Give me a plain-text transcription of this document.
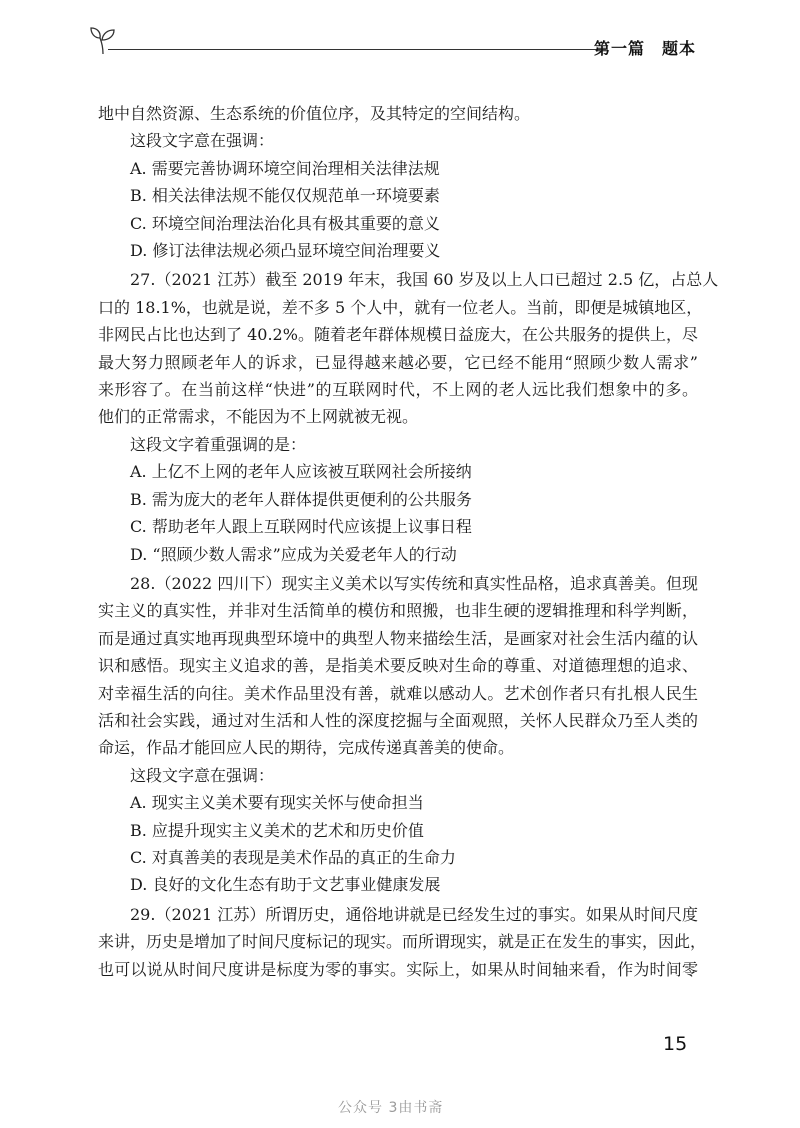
第一篇　题本

地中自然资源、生态系统的价值位序，及其特定的空间结构。

这段文字意在强调：

A. 需要完善协调环境空间治理相关法律法规

B. 相关法律法规不能仅仅规范单一环境要素

C. 环境空间治理法治化具有极其重要的意义

D. 修订法律法规必须凸显环境空间治理要义

27.（2021 江苏）截至 2019 年末，我国 60 岁及以上人口已超过 2.5 亿，占总人

口的 18.1%，也就是说，差不多 5 个人中，就有一位老人。当前，即便是城镇地区，

非网民占比也达到了 40.2%。随着老年群体规模日益庞大，在公共服务的提供上，尽

最大努力照顾老年人的诉求，已显得越来越必要，它已经不能用“照顾少数人需求”

来形容了。在当前这样“快进”的互联网时代，不上网的老人远比我们想象中的多。

他们的正常需求，不能因为不上网就被无视。

这段文字着重强调的是：

A. 上亿不上网的老年人应该被互联网社会所接纳

B. 需为庞大的老年人群体提供更便利的公共服务

C. 帮助老年人跟上互联网时代应该提上议事日程

D. “照顾少数人需求”应成为关爱老年人的行动

28.（2022 四川下）现实主义美术以写实传统和真实性品格，追求真善美。但现

实主义的真实性，并非对生活简单的模仿和照搬，也非生硬的逻辑推理和科学判断，

而是通过真实地再现典型环境中的典型人物来描绘生活，是画家对社会生活内蕴的认

识和感悟。现实主义追求的善，是指美术要反映对生命的尊重、对道德理想的追求、

对幸福生活的向往。美术作品里没有善，就难以感动人。艺术创作者只有扎根人民生

活和社会实践，通过对生活和人性的深度挖掘与全面观照，关怀人民群众乃至人类的

命运，作品才能回应人民的期待，完成传递真善美的使命。

这段文字意在强调：

A. 现实主义美术要有现实关怀与使命担当

B. 应提升现实主义美术的艺术和历史价值

C. 对真善美的表现是美术作品的真正的生命力

D. 良好的文化生态有助于文艺事业健康发展

29.（2021 江苏）所谓历史，通俗地讲就是已经发生过的事实。如果从时间尺度

来讲，历史是增加了时间尺度标记的现实。而所谓现实，就是正在发生的事实，因此，

也可以说从时间尺度讲是标度为零的事实。实际上，如果从时间轴来看，作为时间零

15
公众号 3由书斋
